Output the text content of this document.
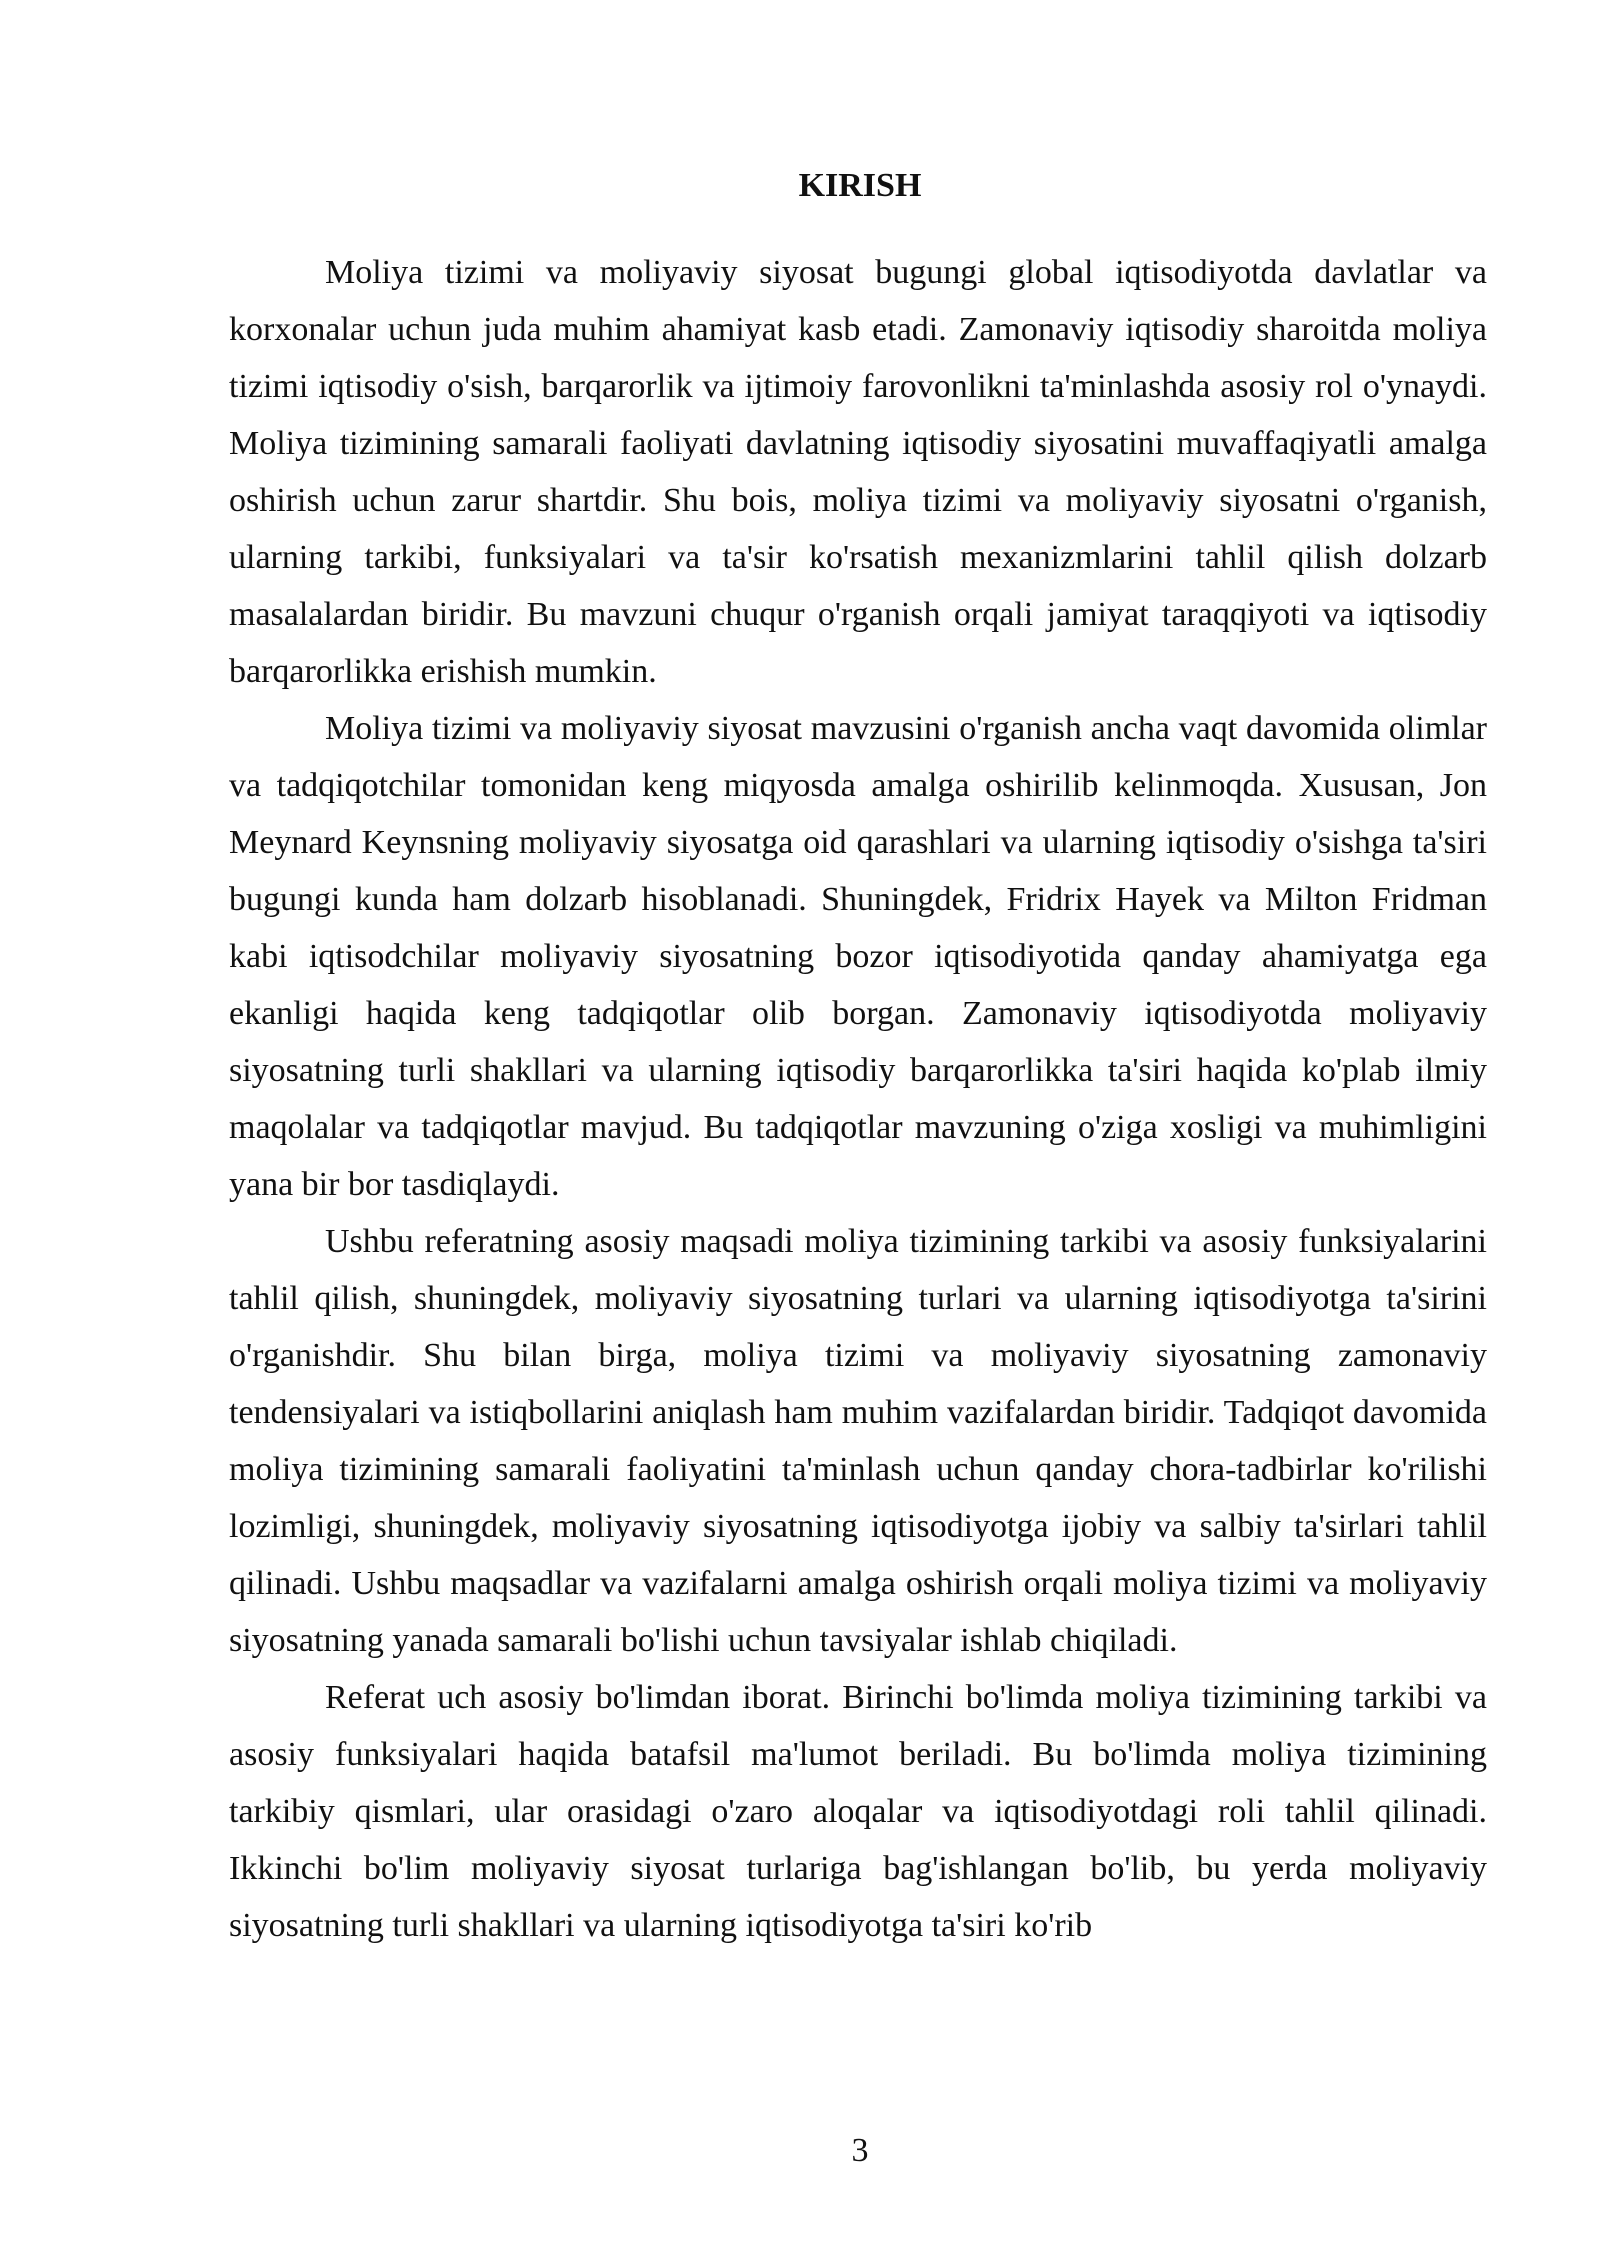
KIRISH

Moliya tizimi va moliyaviy siyosat bugungi global iqtisodiyotda davlatlar va korxonalar uchun juda muhim ahamiyat kasb etadi. Zamonaviy iqtisodiy sharoitda moliya tizimi iqtisodiy o'sish, barqarorlik va ijtimoiy farovonlikni ta'minlashda asosiy rol o'ynaydi. Moliya tizimining samarali faoliyati davlatning iqtisodiy siyosatini muvaffaqiyatli amalga oshirish uchun zarur shartdir. Shu bois, moliya tizimi va moliyaviy siyosatni o'rganish, ularning tarkibi, funksiyalari va ta'sir ko'rsatish mexanizmlarini tahlil qilish dolzarb masalalardan biridir. Bu mavzuni chuqur o'rganish orqali jamiyat taraqqiyoti va iqtisodiy barqarorlikka erishish mumkin.

Moliya tizimi va moliyaviy siyosat mavzusini o'rganish ancha vaqt davomida olimlar va tadqiqotchilar tomonidan keng miqyosda amalga oshirilib kelinmoqda. Xususan, Jon Meynard Keynsning moliyaviy siyosatga oid qarashlari va ularning iqtisodiy o'sishga ta'siri bugungi kunda ham dolzarb hisoblanadi. Shuningdek, Fridrix Hayek va Milton Fridman kabi iqtisodchilar moliyaviy siyosatning bozor iqtisodiyotida qanday ahamiyatga ega ekanligi haqida keng tadqiqotlar olib borgan. Zamonaviy iqtisodiyotda moliyaviy siyosatning turli shakllari va ularning iqtisodiy barqarorlikka ta'siri haqida ko'plab ilmiy maqolalar va tadqiqotlar mavjud. Bu tadqiqotlar mavzuning o'ziga xosligi va muhimligini yana bir bor tasdiqlaydi.

Ushbu referatning asosiy maqsadi moliya tizimining tarkibi va asosiy funksiyalarini tahlil qilish, shuningdek, moliyaviy siyosatning turlari va ularning iqtisodiyotga ta'sirini o'rganishdir. Shu bilan birga, moliya tizimi va moliyaviy siyosatning zamonaviy tendensiyalari va istiqbollarini aniqlash ham muhim vazifalardan biridir. Tadqiqot davomida moliya tizimining samarali faoliyatini ta'minlash uchun qanday chora-tadbirlar ko'rilishi lozimligi, shuningdek, moliyaviy siyosatning iqtisodiyotga ijobiy va salbiy ta'sirlari tahlil qilinadi. Ushbu maqsadlar va vazifalarni amalga oshirish orqali moliya tizimi va moliyaviy siyosatning yanada samarali bo'lishi uchun tavsiyalar ishlab chiqiladi.

Referat uch asosiy bo'limdan iborat. Birinchi bo'limda moliya tizimining tarkibi va asosiy funksiyalari haqida batafsil ma'lumot beriladi. Bu bo'limda moliya tizimining tarkibiy qismlari, ular orasidagi o'zaro aloqalar va iqtisodiyotdagi roli tahlil qilinadi. Ikkinchi bo'lim moliyaviy siyosat turlariga bag'ishlangan bo'lib, bu yerda moliyaviy siyosatning turli shakllari va ularning iqtisodiyotga ta'siri ko'rib

3
